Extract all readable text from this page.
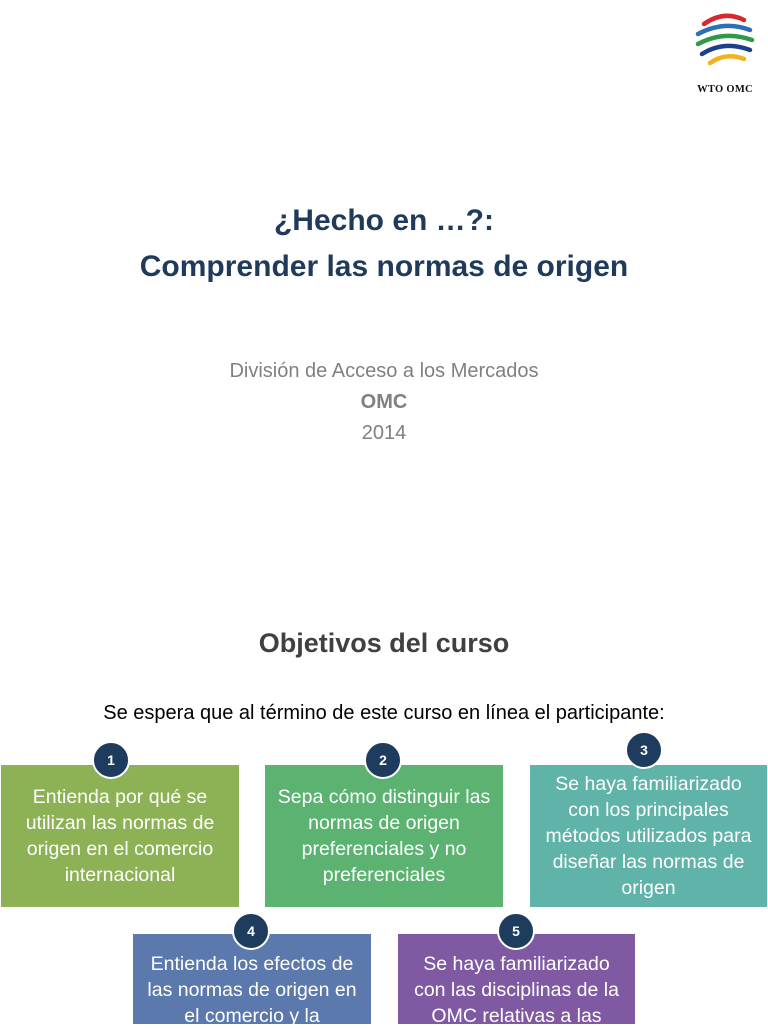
WTO OMC
¿Hecho en …?:
Comprender las normas de origen
División de Acceso a los Mercados
OMC
2014
Objetivos del curso
Se espera que al término de este curso en línea el participante:
Entienda por qué se utilizan las normas de origen en el comercio internacional
1
Sepa cómo distinguir las normas de origen preferenciales y no preferenciales
2
Se haya familiarizado con los principales métodos utilizados para diseñar las normas de origen
3
Entienda los efectos de las normas de origen en el comercio y la
4
Se haya familiarizado con las disciplinas de la OMC relativas a las
5
